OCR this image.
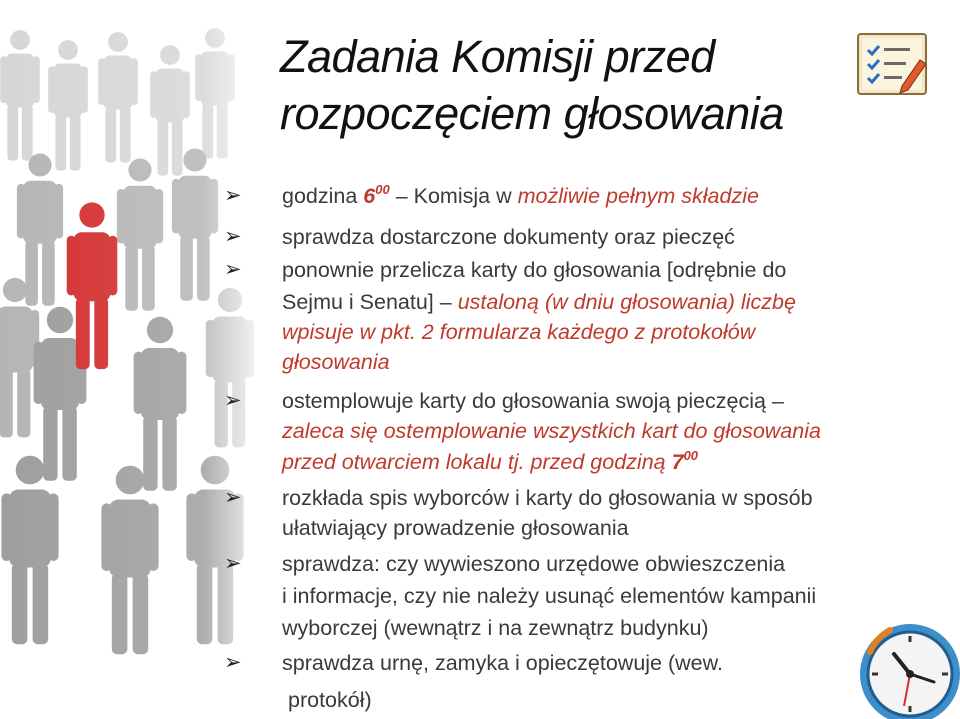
Zadania Komisji przed
rozpoczęciem głosowania
➢ godzina $6^{00}$ – Komisja w możliwie pełnym składzie
➢ sprawdza dostarczone dokumenty oraz pieczęć
➢ ponownie przelicza karty do głosowania [odrębnie do
Sejmu i Senatu] – ustaloną (w dniu głosowania) liczbę
wpisuje w pkt. 2 formularza każdego z protokołów
głosowania
➢ ostemplowuje karty do głosowania swoją pieczęcią –
zaleca się ostemplowanie wszystkich kart do głosowania
przed otwarciem lokalu tj. przed godziną $7^{00}$
➢ rozkłada spis wyborców i karty do głosowania w sposób
ułatwiający prowadzenie głosowania
➢ sprawdza: czy wywieszono urzędowe obwieszczenia
i informacje, czy nie należy usunąć elementów kampanii
wyborczej (wewnątrz i na zewnątrz budynku)
➢ sprawdza urnę, zamyka i opieczętowuje (wew.
protokół)
